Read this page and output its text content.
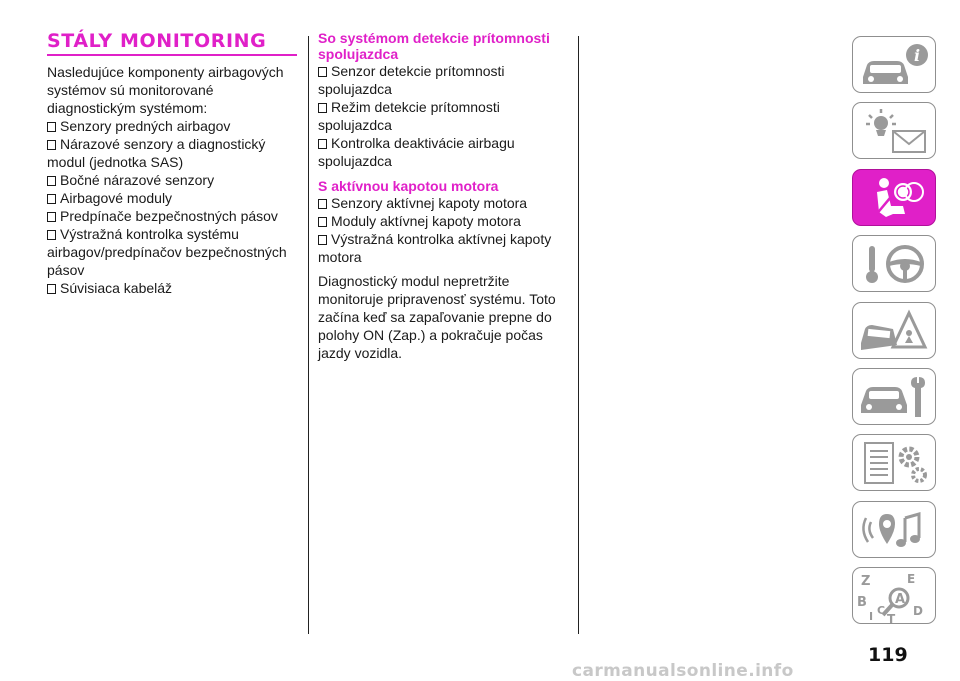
STÁLY MONITORING

Nasledujúce komponenty airbagových systémov sú monitorované diagnostickým systémom:

Senzory predných airbagov
Nárazové senzory a diagnostický modul (jednotka SAS)
Bočné nárazové senzory
Airbagové moduly
Predpínače bezpečnostných pásov
Výstražná kontrolka systému airbagov/predpínačov bezpečnostných pásov
Súvisiaca kabeláž
So systémom detekcie prítomnosti spolujazdca
Senzor detekcie prítomnosti spolujazdca
Režim detekcie prítomnosti spolujazdca
Kontrolka deaktivácie airbagu spolujazdca
S aktívnou kapotou motora
Senzory aktívnej kapoty motora
Moduly aktívnej kapoty motora
Výstražná kontrolka aktívnej kapoty motora

Diagnostický modul nepretržite monitoruje pripravenosť systému. Toto začína keď sa zapaľovanie prepne do polohy ON (Zap.) a pokračuje počas jazdy vozidla.

i
Z	E
B
D
C
T
I
A
119
carmanualsonline.info
